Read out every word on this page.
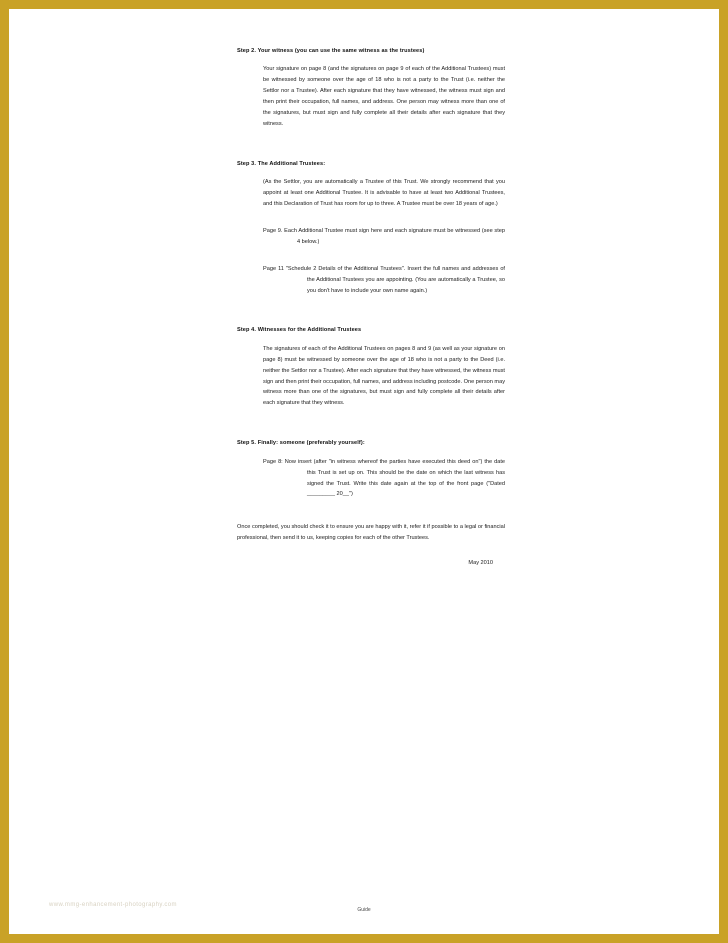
Step 2. Your witness (you can use the same witness as the trustees)
Your signature on page 8 (and the signatures on page 9 of each of the Additional Trustees) must be witnessed by someone over the age of 18 who is not a party to the Trust (i.e. neither the Settlor nor a Trustee). After each signature that they have witnessed, the witness must sign and then print their occupation, full names, and address. One person may witness more than one of the signatures, but must sign and fully complete all their details after each signature that they witness.
Step 3. The Additional Trustees:
(As the Settlor, you are automatically a Trustee of this Trust. We strongly recommend that you appoint at least one Additional Trustee. It is advisable to have at least two Additional Trustees, and this Declaration of Trust has room for up to three. A Trustee must be over 18 years of age.)
Page 9. Each Additional Trustee must sign here and each signature must be witnessed (see step 4 below.)
Page 11 "Schedule 2 Details of the Additional Trustees". Insert the full names and addresses of the Additional Trustees you are appointing. (You are automatically a Trustee, so you don't have to include your own name again.)
Step 4. Witnesses for the Additional Trustees
The signatures of each of the Additional Trustees on pages 8 and 9 (as well as your signature on page 8) must be witnessed by someone over the age of 18 who is not a party to the Deed (i.e. neither the Settlor nor a Trustee). After each signature that they have witnessed, the witness must sign and then print their occupation, full names, and address including postcode. One person may witness more than one of the signatures, but must sign and fully complete all their details after each signature that they witness.
Step 5. Finally: someone (preferably yourself):
Page 8: Now insert (after "in witness whereof the parties have executed this deed on") the date this Trust is set up on. This should be the date on which the last witness has signed the Trust. Write this date again at the top of the front page ("Dated _________ 20__")
Once completed, you should check it to ensure you are happy with it, refer it if possible to a legal or financial professional, then send it to us, keeping copies for each of the other Trustees.
May 2010
www.mmg-enhancement-photography.com
Guide
